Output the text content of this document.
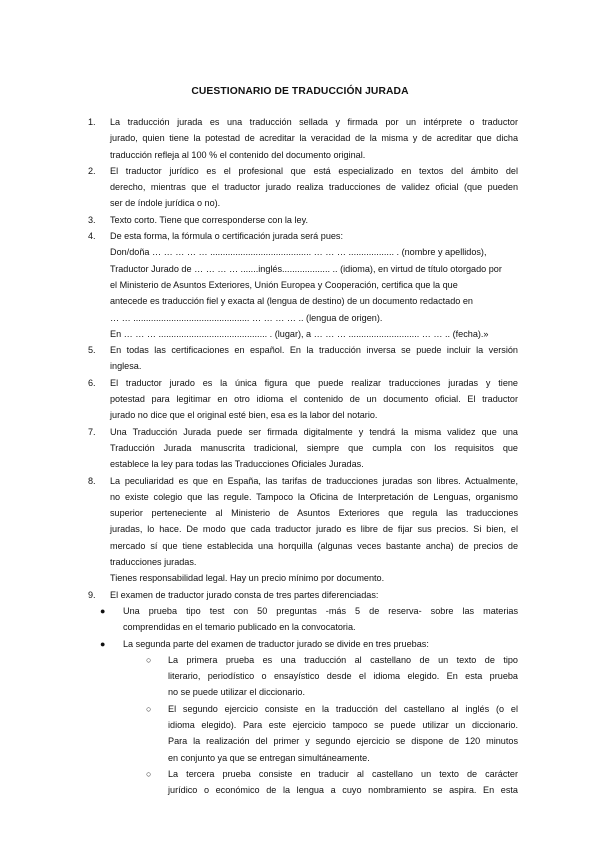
CUESTIONARIO DE TRADUCCIÓN JURADA
1. La traducción jurada es una traducción sellada y firmada por un intérprete o traductor
jurado, quien tiene la potestad de acreditar la veracidad de la misma y de acreditar que dicha
traducción refleja al 100 % el contenido del documento original.
2. El traductor jurídico es el profesional que está especializado en textos del ámbito del
derecho, mientras que el traductor jurado realiza traducciones de validez oficial (que pueden
ser de índole jurídica o no).
3. Texto corto. Tiene que corresponderse con la ley.
4. De esta forma, la fórmula o certificación jurada será pues:
Don/doña … … … … … ........................................ … … … .................. . (nombre y apellidos),
Traductor Jurado de … … … … .......inglés................... .. (idioma), en virtud de título otorgado por
el Ministerio de Asuntos Exteriores, Unión Europea y Cooperación, certifica que la que
antecede es traducción fiel y exacta al (lengua de destino) de un documento redactado en
… … .............................................. … … … … .. (lengua de origen).
En … … … ........................................... . (lugar), a … … … ............................ … … .. (fecha).»
5. En todas las certificaciones en español. En la traducción inversa se puede incluir la versión
inglesa.
6. El traductor jurado es la única figura que puede realizar traducciones juradas y tiene
potestad para legitimar en otro idioma el contenido de un documento oficial. El traductor
jurado no dice que el original esté bien, esa es la labor del notario.
7. Una Traducción Jurada puede ser firmada digitalmente y tendrá la misma validez que una
Traducción Jurada manuscrita tradicional, siempre que cumpla con los requisitos que
establece la ley para todas las Traducciones Oficiales Juradas.
8. La peculiaridad es que en España, las tarifas de traducciones juradas son libres. Actualmente,
no existe colegio que las regule. Tampoco la Oficina de Interpretación de Lenguas, organismo
superior perteneciente al Ministerio de Asuntos Exteriores que regula las traducciones
juradas, lo hace. De modo que cada traductor jurado es libre de fijar sus precios. Si bien, el
mercado sí que tiene establecida una horquilla (algunas veces bastante ancha) de precios de
traducciones juradas.
Tienes responsabilidad legal. Hay un precio mínimo por documento.
9. El examen de traductor jurado consta de tres partes diferenciadas:
● Una prueba tipo test con 50 preguntas -más 5 de reserva- sobre las materias
comprendidas en el temario publicado en la convocatoria.
● La segunda parte del examen de traductor jurado se divide en tres pruebas:
○ La primera prueba es una traducción al castellano de un texto de tipo
literario, periodístico o ensayístico desde el idioma elegido. En esta prueba
no se puede utilizar el diccionario.
○ El segundo ejercicio consiste en la traducción del castellano al inglés (o el
idioma elegido). Para este ejercicio tampoco se puede utilizar un diccionario.
Para la realización del primer y segundo ejercicio se dispone de 120 minutos
en conjunto ya que se entregan simultáneamente.
○ La tercera prueba consiste en traducir al castellano un texto de carácter
jurídico o económico de la lengua a cuyo nombramiento se aspira. En esta
